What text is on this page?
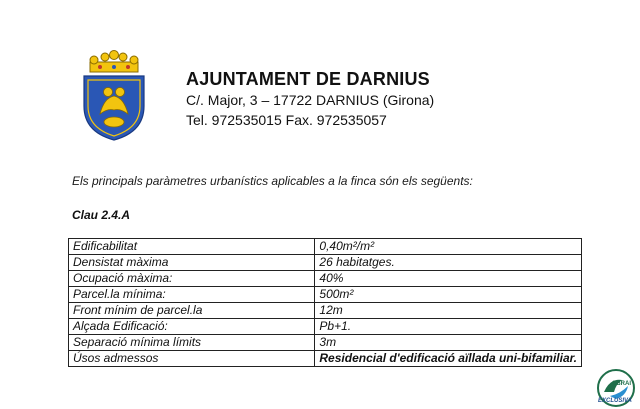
AJUNTAMENT DE DARNIUS

C/. Major, 3 – 17722 DARNIUS (Girona)

Tel. 972535015 Fax. 972535057

Els principals paràmetres urbanístics aplicables a la finca són els següents:
Clau 2.4.A
Edificabilitat	0,40m²/m²
Densistat màxima	26 habitatges.
Ocupació màxima:	40%
Parcel.la mínima:	500m²
Front mínim de parcel.la	12m
Alçada Edificació:	Pb+1.
Separació mínima límits	3m
Úsos admessos	Residencial d'edificació aïllada uni-bifamiliar.
CBRAI
EXCLUSIVA
